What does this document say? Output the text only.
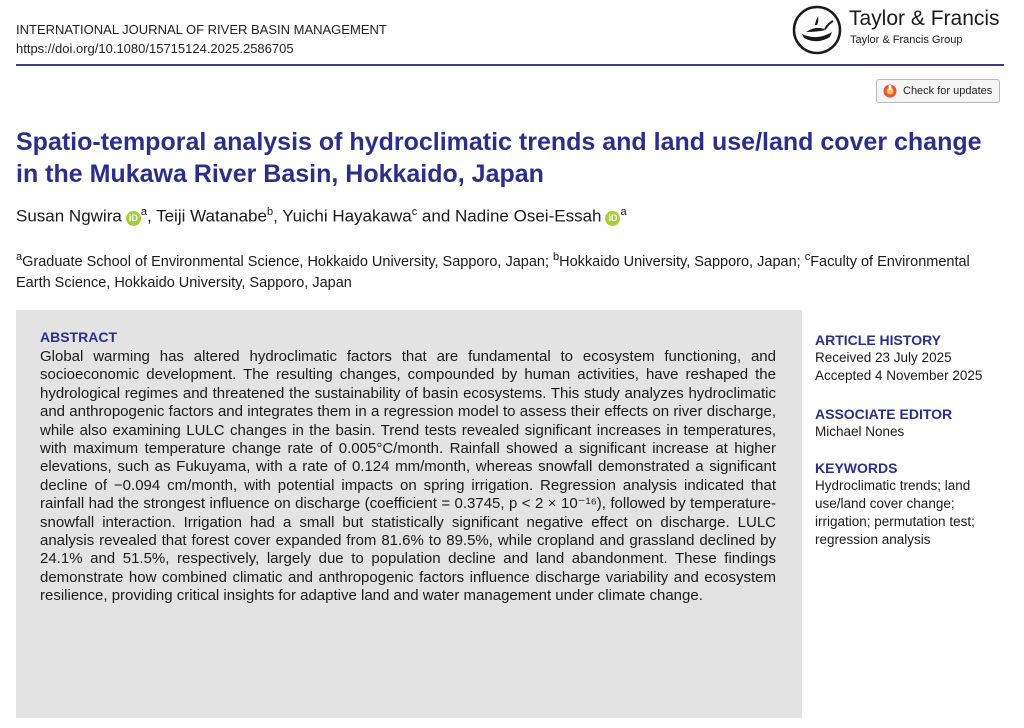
INTERNATIONAL JOURNAL OF RIVER BASIN MANAGEMENT
https://doi.org/10.1080/15715124.2025.2586705
Taylor & Francis
Taylor & Francis Group
Check for updates
Spatio-temporal analysis of hydroclimatic trends and land use/land cover change in the Mukawa River Basin, Hokkaido, Japan
Susan Ngwira iD $^a$, Teiji Watanabe$^b$, Yuichi Hayakawa$^c$ and Nadine Osei-Essah iD $^a$
$^a$Graduate School of Environmental Science, Hokkaido University, Sapporo, Japan; $^b$Hokkaido University, Sapporo, Japan; $^c$Faculty of Environmental Earth Science, Hokkaido University, Sapporo, Japan
ABSTRACT
Global warming has altered hydroclimatic factors that are fundamental to ecosystem functioning, and socioeconomic development. The resulting changes, compounded by human activities, have reshaped the hydrological regimes and threatened the sustainability of basin ecosystems. This study analyzes hydroclimatic and anthropogenic factors and integrates them in a regression model to assess their effects on river discharge, while also examining LULC changes in the basin. Trend tests revealed significant increases in temperatures, with maximum temperature change rate of 0.005°C/month. Rainfall showed a significant increase at higher elevations, such as Fukuyama, with a rate of 0.124 mm/month, whereas snowfall demonstrated a significant decline of −0.094 cm/month, with potential impacts on spring irrigation. Regression analysis indicated that rainfall had the strongest influence on discharge (coefficient = 0.3745, p < 2 × 10⁻¹⁶), followed by temperature-snowfall interaction. Irrigation had a small but statistically significant negative effect on discharge. LULC analysis revealed that forest cover expanded from 81.6% to 89.5%, while cropland and grassland declined by 24.1% and 51.5%, respectively, largely due to population decline and land abandonment. These findings demonstrate how combined climatic and anthropogenic factors influence discharge variability and ecosystem resilience, providing critical insights for adaptive land and water management under climate change.
ARTICLE HISTORY
Received 23 July 2025
Accepted 4 November 2025
ASSOCIATE EDITOR
Michael Nones
KEYWORDS
Hydroclimatic trends; land use/land cover change; irrigation; permutation test; regression analysis
